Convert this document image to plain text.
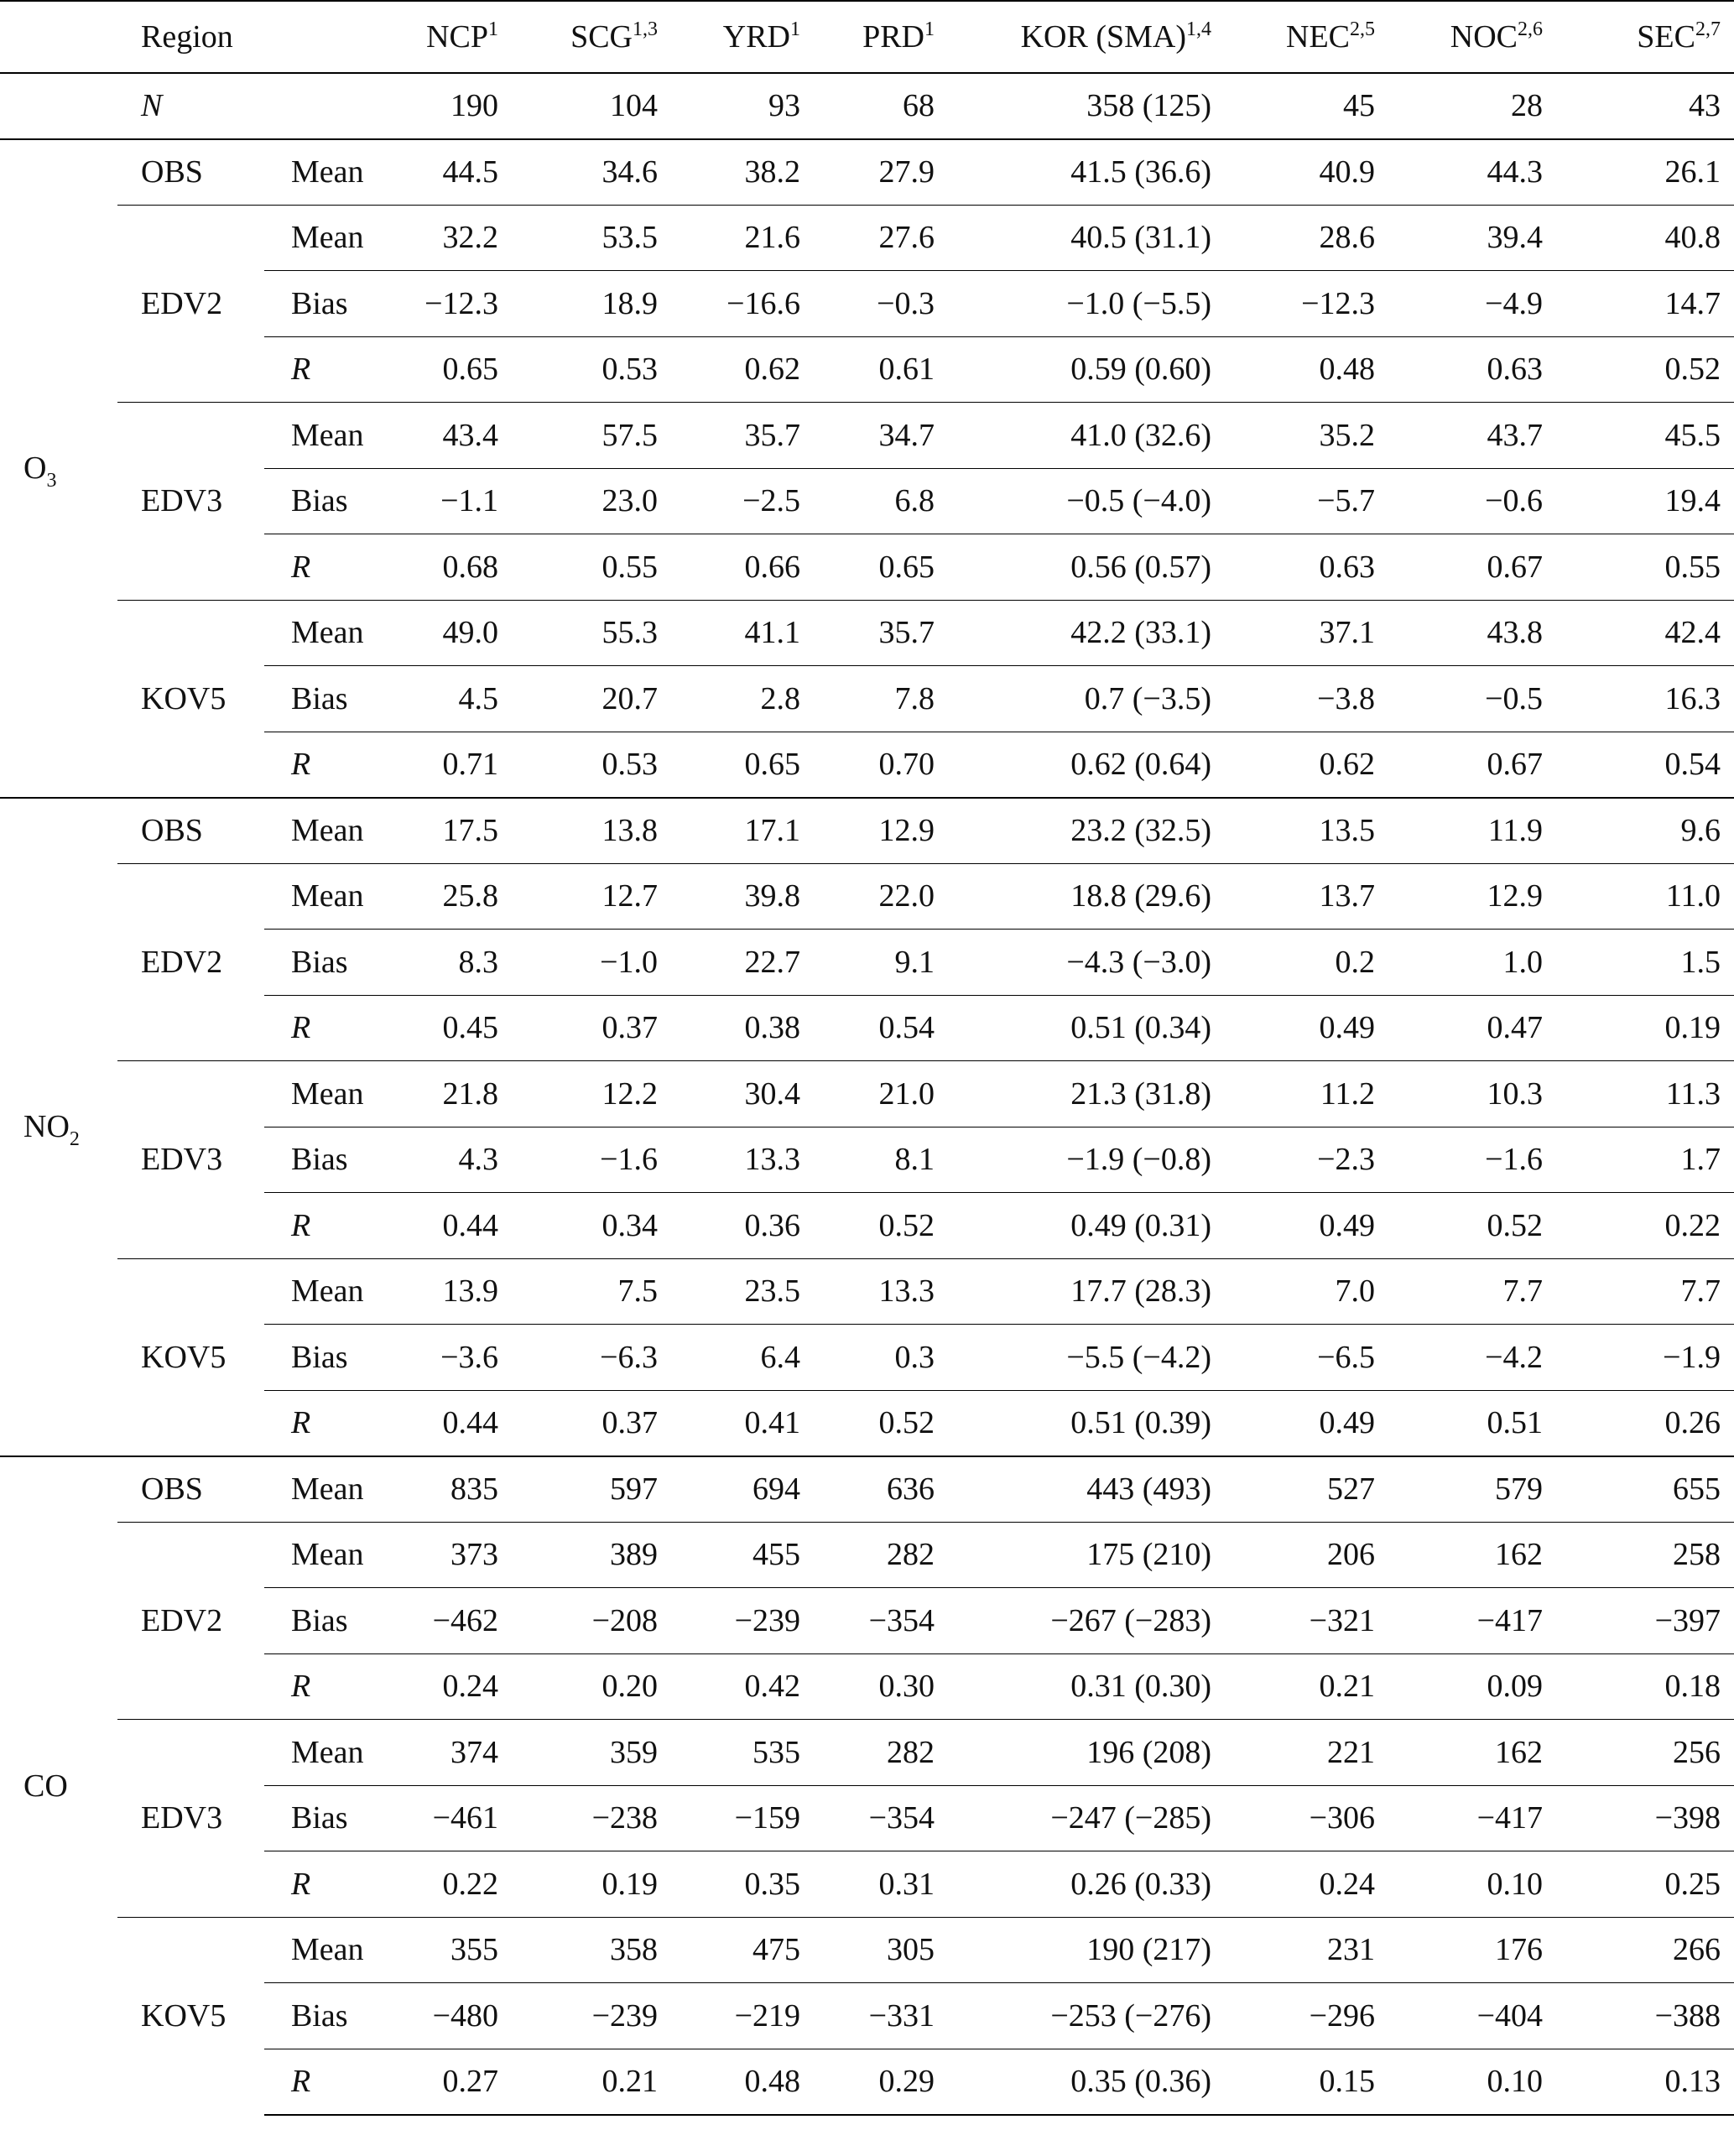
	Region		NCP$^1$	SCG$^{1,3}$	YRD$^1$	PRD$^1$	KOR (SMA)$^{1,4}$	NEC$^{2,5}$	NOC$^{2,6}$	SEC$^{2,7}$
	N		190	104	93	68	358 (125)	45	28	43
$O_3$	OBS	Mean	44.5	34.6	38.2	27.9	41.5 (36.6)	40.9	44.3	26.1
	EDV2	Mean	32.2	53.5	21.6	27.6	40.5 (31.1)	28.6	39.4	40.8
		Bias	−12.3	18.9	−16.6	−0.3	−1.0 (−5.5)	−12.3	−4.9	14.7
		R	0.65	0.53	0.62	0.61	0.59 (0.60)	0.48	0.63	0.52
	EDV3	Mean	43.4	57.5	35.7	34.7	41.0 (32.6)	35.2	43.7	45.5
		Bias	−1.1	23.0	−2.5	6.8	−0.5 (−4.0)	−5.7	−0.6	19.4
		R	0.68	0.55	0.66	0.65	0.56 (0.57)	0.63	0.67	0.55
	KOV5	Mean	49.0	55.3	41.1	35.7	42.2 (33.1)	37.1	43.8	42.4
		Bias	4.5	20.7	2.8	7.8	0.7 (−3.5)	−3.8	−0.5	16.3
		R	0.71	0.53	0.65	0.70	0.62 (0.64)	0.62	0.67	0.54
$NO_2$	OBS	Mean	17.5	13.8	17.1	12.9	23.2 (32.5)	13.5	11.9	9.6
	EDV2	Mean	25.8	12.7	39.8	22.0	18.8 (29.6)	13.7	12.9	11.0
		Bias	8.3	−1.0	22.7	9.1	−4.3 (−3.0)	0.2	1.0	1.5
		R	0.45	0.37	0.38	0.54	0.51 (0.34)	0.49	0.47	0.19
	EDV3	Mean	21.8	12.2	30.4	21.0	21.3 (31.8)	11.2	10.3	11.3
		Bias	4.3	−1.6	13.3	8.1	−1.9 (−0.8)	−2.3	−1.6	1.7
		R	0.44	0.34	0.36	0.52	0.49 (0.31)	0.49	0.52	0.22
	KOV5	Mean	13.9	7.5	23.5	13.3	17.7 (28.3)	7.0	7.7	7.7
		Bias	−3.6	−6.3	6.4	0.3	−5.5 (−4.2)	−6.5	−4.2	−1.9
		R	0.44	0.37	0.41	0.52	0.51 (0.39)	0.49	0.51	0.26
CO	OBS	Mean	835	597	694	636	443 (493)	527	579	655
	EDV2	Mean	373	389	455	282	175 (210)	206	162	258
		Bias	−462	−208	−239	−354	−267 (−283)	−321	−417	−397
		R	0.24	0.20	0.42	0.30	0.31 (0.30)	0.21	0.09	0.18
	EDV3	Mean	374	359	535	282	196 (208)	221	162	256
		Bias	−461	−238	−159	−354	−247 (−285)	−306	−417	−398
		R	0.22	0.19	0.35	0.31	0.26 (0.33)	0.24	0.10	0.25
	KOV5	Mean	355	358	475	305	190 (217)	231	176	266
		Bias	−480	−239	−219	−331	−253 (−276)	−296	−404	−388
		R	0.27	0.21	0.48	0.29	0.35 (0.36)	0.15	0.10	0.13
